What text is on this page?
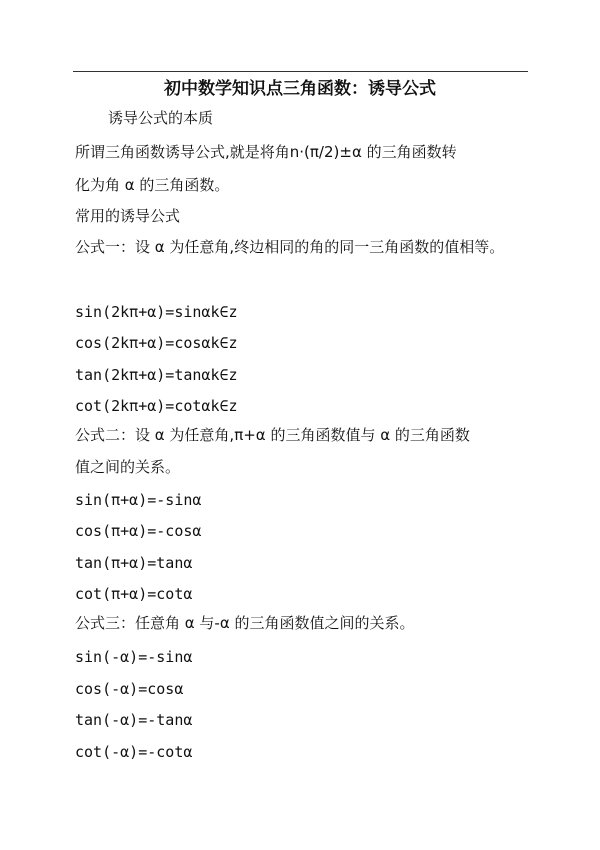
初中数学知识点三角函数：诱导公式
诱导公式的本质
所谓三角函数诱导公式,就是将角n·(π/2)±α 的三角函数转
化为角 α 的三角函数。
常用的诱导公式
公式一：设 α 为任意角,终边相同的角的同一三角函数的值相等。
sin(2kπ+α)=sinαk∈z
cos(2kπ+α)=cosαk∈z
tan(2kπ+α)=tanαk∈z
cot(2kπ+α)=cotαk∈z
公式二：设 α 为任意角,π+α 的三角函数值与 α 的三角函数
值之间的关系。
sin(π+α)=-sinα
cos(π+α)=-cosα
tan(π+α)=tanα
cot(π+α)=cotα
公式三：任意角 α 与-α 的三角函数值之间的关系。
sin(-α)=-sinα
cos(-α)=cosα
tan(-α)=-tanα
cot(-α)=-cotα
